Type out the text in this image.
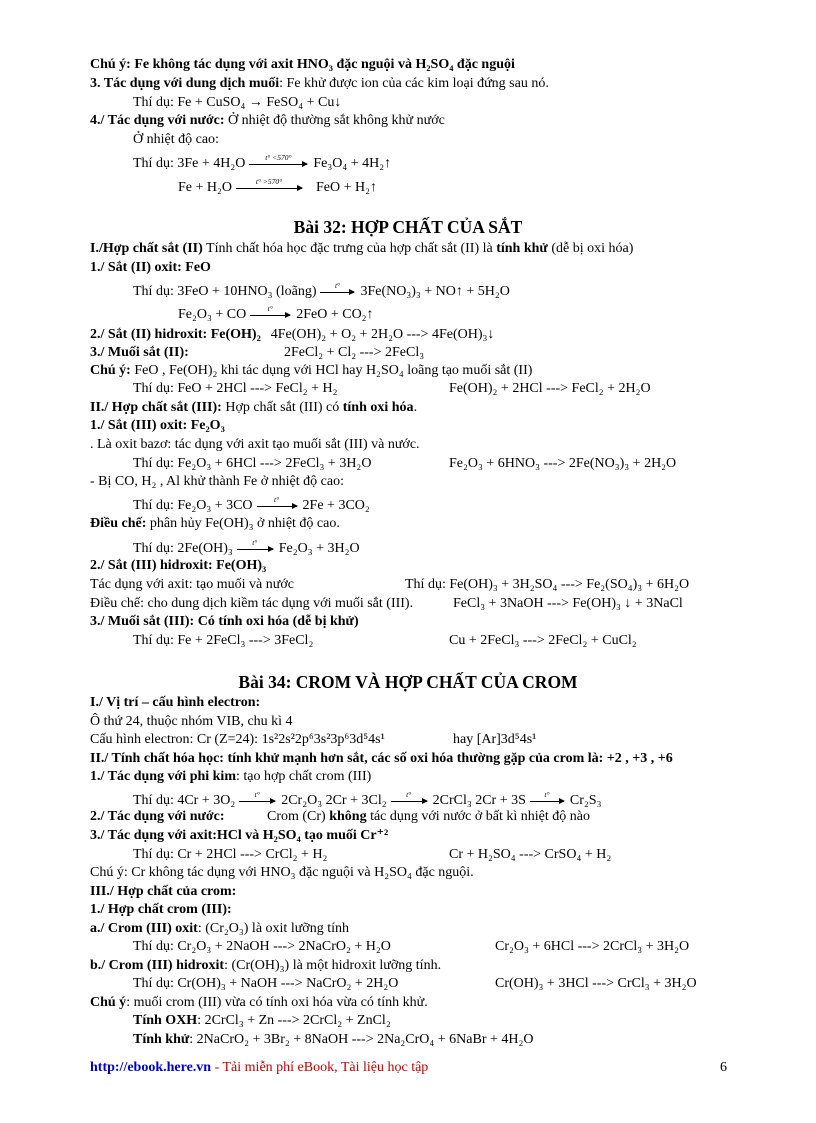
Chú ý: Fe không tác dụng với axit HNO₃ đặc nguội và H₂SO₄ đặc nguội
3. Tác dụng với dung dịch muối: Fe khử được ion của các kim loại đứng sau nó.
Thí dụ: Fe + CuSO₄ → FeSO₄ + Cu↓
4./ Tác dụng với nước: Ở nhiệt độ thường sắt không khử nước
Ở nhiệt độ cao:
Thí dụ: 3Fe + 4H₂O	t° <570°	Fe₃O₄ + 4H₂↑
Fe + H₂O	t° >570°	FeO + H₂↑
Bài 32: HỢP CHẤT CỦA SẮT
I./Hợp chất sắt (II) Tính chất hóa học đặc trưng của hợp chất sắt (II) là tính khử (dễ bị oxi hóa)
1./ Sắt (II) oxit: FeO
Thí dụ: 3FeO + 10HNO₃ (loãng)	t°	3Fe(NO₃)₃ + NO↑ + 5H₂O
Fe₂O₃ + CO	t°	2FeO + CO₂↑
2./ Sắt (II) hidroxit: Fe(OH)₂ 4Fe(OH)₂ + O₂ + 2H₂O ---> 4Fe(OH)₃↓
3./ Muối sắt (II):	2FeCl₂ + Cl₂ ---> 2FeCl₃
Chú ý: FeO , Fe(OH)₂ khi tác dụng với HCl hay H₂SO₄ loãng tạo muối sắt (II)
Thí dụ: FeO + 2HCl ---> FeCl₂ + H₂	Fe(OH)₂ + 2HCl ---> FeCl₂ + 2H₂O
II./ Hợp chất sắt (III): Hợp chất sắt (III) có tính oxi hóa.
1./ Sắt (III) oxit: Fe₂O₃
. Là oxit bazơ: tác dụng với axit tạo muối sắt (III) và nước.
Thí dụ: Fe₂O₃ + 6HCl ---> 2FeCl₃ + 3H₂O	Fe₂O₃ + 6HNO₃ ---> 2Fe(NO₃)₃ + 2H₂O
- Bị CO, H₂ , Al khử thành Fe ở nhiệt độ cao:
Thí dụ: Fe₂O₃ + 3CO	t°	2Fe + 3CO₂
Điều chế: phân hủy Fe(OH)₃ ở nhiệt độ cao.
Thí dụ: 2Fe(OH)₃	t°	Fe₂O₃ + 3H₂O
2./ Sắt (III) hidroxit: Fe(OH)₃
Tác dụng với axit: tạo muối và nước	Thí dụ: Fe(OH)₃ + 3H₂SO₄ ---> Fe₂(SO₄)₃ + 6H₂O
Điều chế: cho dung dịch kiềm tác dụng với muối sắt (III).	FeCl₃ + 3NaOH ---> Fe(OH)₃ ↓ + 3NaCl
3./ Muối sắt (III): Có tính oxi hóa (dễ bị khử)
Thí dụ: Fe + 2FeCl₃ ---> 3FeCl₂	Cu + 2FeCl₃ ---> 2FeCl₂ + CuCl₂
Bài 34: CROM VÀ HỢP CHẤT CỦA CROM
I./ Vị trí – cấu hình electron:
Ô thứ 24, thuộc nhóm VIB, chu kì 4
Cấu hình electron: Cr (Z=24): 1s²2s²2p⁶3s²3p⁶3d⁵4s¹	hay [Ar]3d⁵4s¹
II./ Tính chất hóa học: tính khử mạnh hơn sắt, các số oxi hóa thường gặp của crom là: +2 , +3 , +6
1./ Tác dụng với phi kim: tạo hợp chất crom (III)
Thí dụ: 4Cr + 3O₂	t°	2Cr₂O₃ 2Cr + 3Cl₂	t°	2CrCl₃ 2Cr + 3S	t°	Cr₂S₃
2./ Tác dụng với nước:	Crom (Cr) không tác dụng với nước ở bất kì nhiệt độ nào
3./ Tác dụng với axit:HCl và H₂SO₄ tạo muối Cr⁺²
Thí dụ: Cr + 2HCl ---> CrCl₂ + H₂	Cr + H₂SO₄ ---> CrSO₄ + H₂
Chú ý: Cr không tác dụng với HNO₃ đặc nguội và H₂SO₄ đặc nguội.
III./ Hợp chất của crom:
1./ Hợp chất crom (III):
a./ Crom (III) oxit: (Cr₂O₃) là oxit lưỡng tính
Thí dụ: Cr₂O₃ + 2NaOH ---> 2NaCrO₂ + H₂O	Cr₂O₃ + 6HCl ---> 2CrCl₃ + 3H₂O
b./ Crom (III) hidroxit: (Cr(OH)₃) là một hidroxit lưỡng tính.
Thí dụ: Cr(OH)₃ + NaOH ---> NaCrO₂ + 2H₂O	Cr(OH)₃ + 3HCl ---> CrCl₃ + 3H₂O
Chú ý: muối crom (III) vừa có tính oxi hóa vừa có tính khử.
Tính OXH: 2CrCl₃ + Zn ---> 2CrCl₂ + ZnCl₂
Tính khử: 2NaCrO₂ + 3Br₂ + 8NaOH ---> 2Na₂CrO₄ + 6NaBr + 4H₂O
http://ebook.here.vn - Tải miễn phí eBook, Tài liệu học tập	6
